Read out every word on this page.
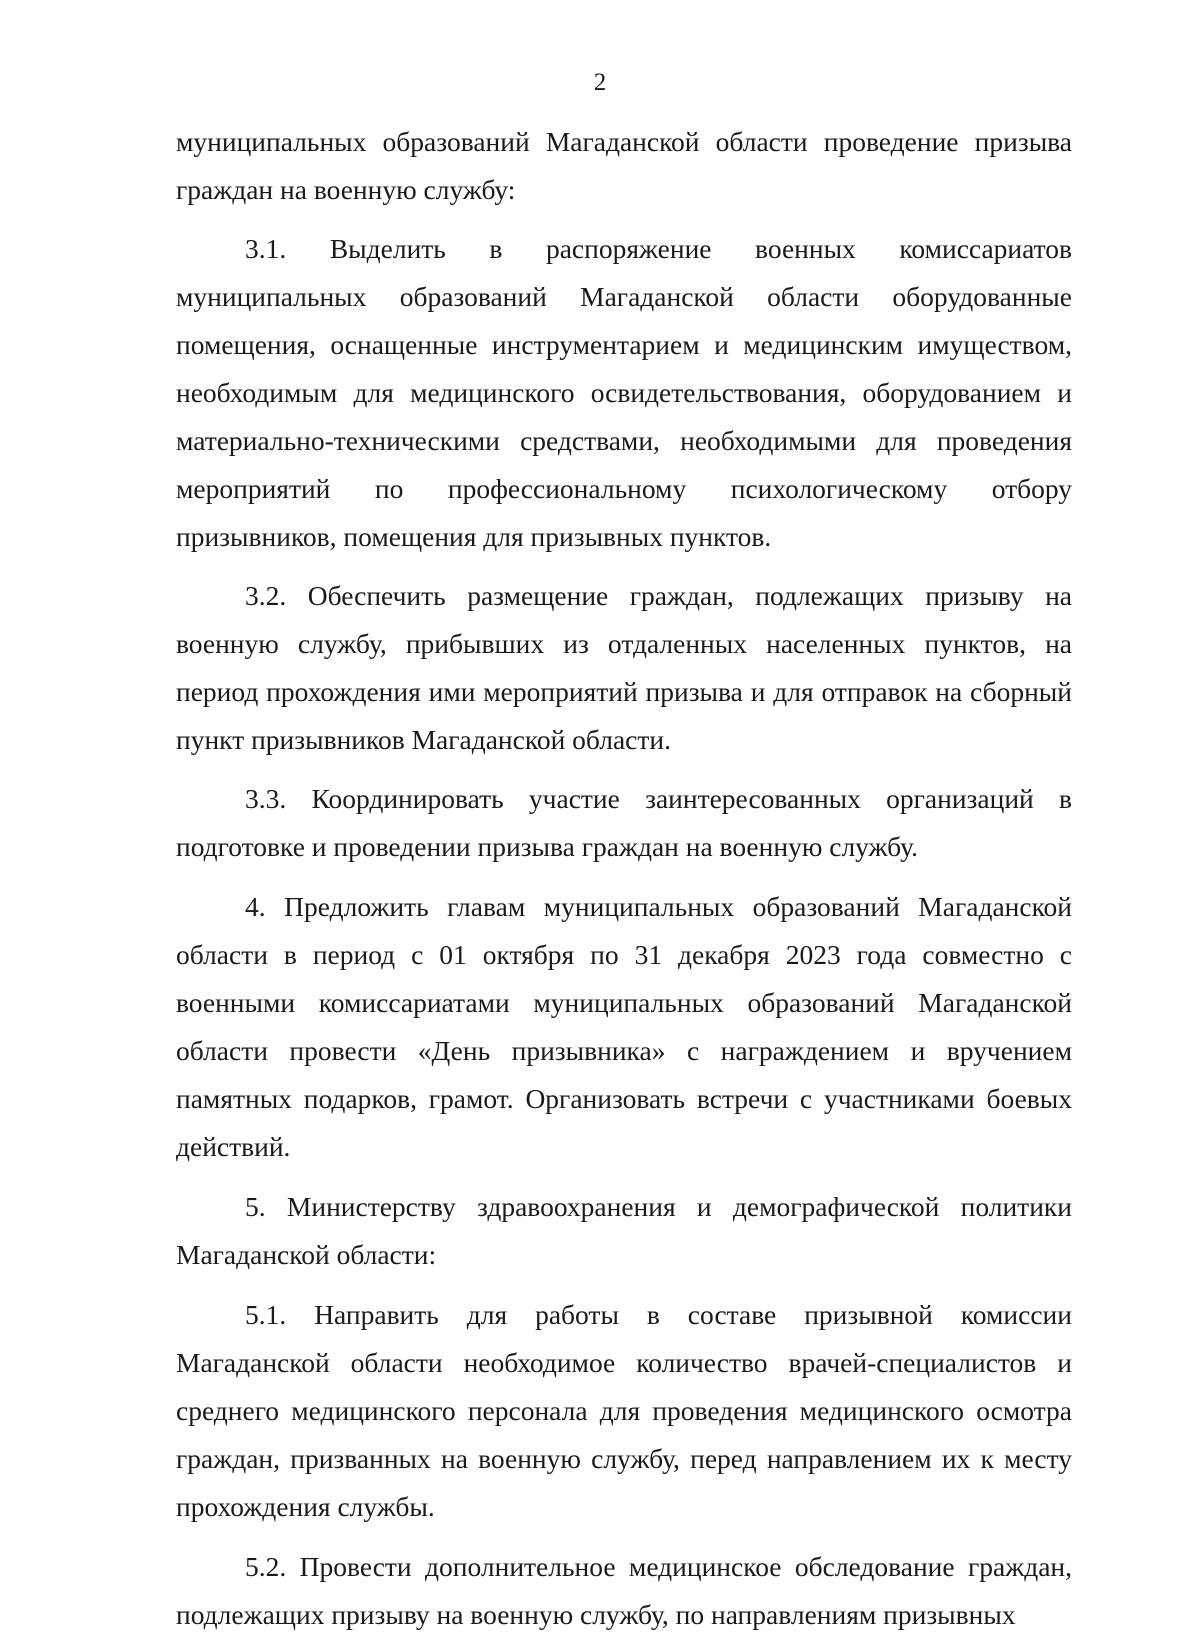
2

муниципальных образований Магаданской области проведение призыва граждан на военную службу:

3.1. Выделить в распоряжение военных комиссариатов муниципальных образований Магаданской области оборудованные помещения, оснащенные инструментарием и медицинским имуществом, необходимым для медицинского освидетельствования, оборудованием и материально-техническими средствами, необходимыми для проведения мероприятий по профессиональному психологическому отбору призывников, помещения для призывных пунктов.

3.2. Обеспечить размещение граждан, подлежащих призыву на военную службу, прибывших из отдаленных населенных пунктов, на период прохождения ими мероприятий призыва и для отправок на сборный пункт призывников Магаданской области.

3.3. Координировать участие заинтересованных организаций в подготовке и проведении призыва граждан на военную службу.

4. Предложить главам муниципальных образований Магаданской области в период с 01 октября по 31 декабря 2023 года совместно с военными комиссариатами муниципальных образований Магаданской области провести «День призывника» с награждением и вручением памятных подарков, грамот. Организовать встречи с участниками боевых действий.

5. Министерству здравоохранения и демографической политики Магаданской области:

5.1. Направить для работы в составе призывной комиссии Магаданской области необходимое количество врачей-специалистов и среднего медицинского персонала для проведения медицинского осмотра граждан, призванных на военную службу, перед направлением их к месту прохождения службы.

5.2. Провести дополнительное медицинское обследование граждан, подлежащих призыву на военную службу, по направлениям призывных
